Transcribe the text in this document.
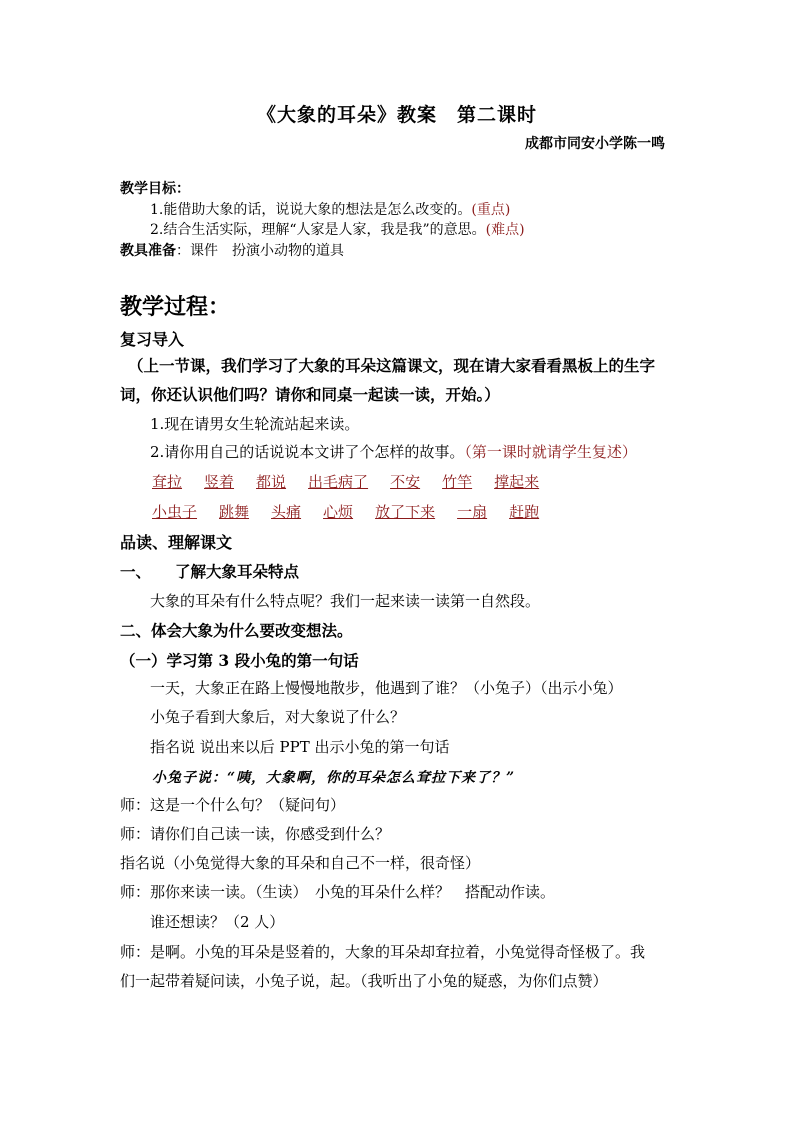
《大象的耳朵》教案　第二课时
成都市同安小学陈一鸣
教学目标：
1.能借助大象的话，说说大象的想法是怎么改变的。(重点)
2.结合生活实际，理解“人家是人家，我是我”的意思。(难点)
教具准备：课件　扮演小动物的道具
教学过程：
复习导入
（上一节课，我们学习了大象的耳朵这篇课文，现在请大家看看黑板上的生字
词，你还认识他们吗？请你和同桌一起读一读，开始。）
1.现在请男女生轮流站起来读。
2.请你用自己的话说说本文讲了个怎样的故事。（第一课时就请学生复述）
耷拉 竖着 都说 出毛病了 不安 竹竿 撑起来
小虫子 跳舞 头痛 心烦 放了下来 一扇 赶跑
品读、理解课文
一、 了解大象耳朵特点
大象的耳朵有什么特点呢？我们一起来读一读第一自然段。
二、体会大象为什么要改变想法。
（一）学习第 3 段小兔的第一句话
一天，大象正在路上慢慢地散步，他遇到了谁？（小兔子）（出示小兔）
小兔子看到大象后，对大象说了什么？
指名说 说出来以后 PPT 出示小兔的第一句话
小兔子说：“咦，大象啊，你的耳朵怎么耷拉下来了？”
师：这是一个什么句？（疑问句）
师：请你们自己读一读，你感受到什么？
指名说（小兔觉得大象的耳朵和自己不一样，很奇怪）
师：那你来读一读。（生读）　小兔的耳朵什么样？　搭配动作读。
谁还想读？（2 人）
师：是啊。小兔的耳朵是竖着的，大象的耳朵却耷拉着，小兔觉得奇怪极了。我
们一起带着疑问读，小兔子说，起。（我听出了小兔的疑惑，为你们点赞）
